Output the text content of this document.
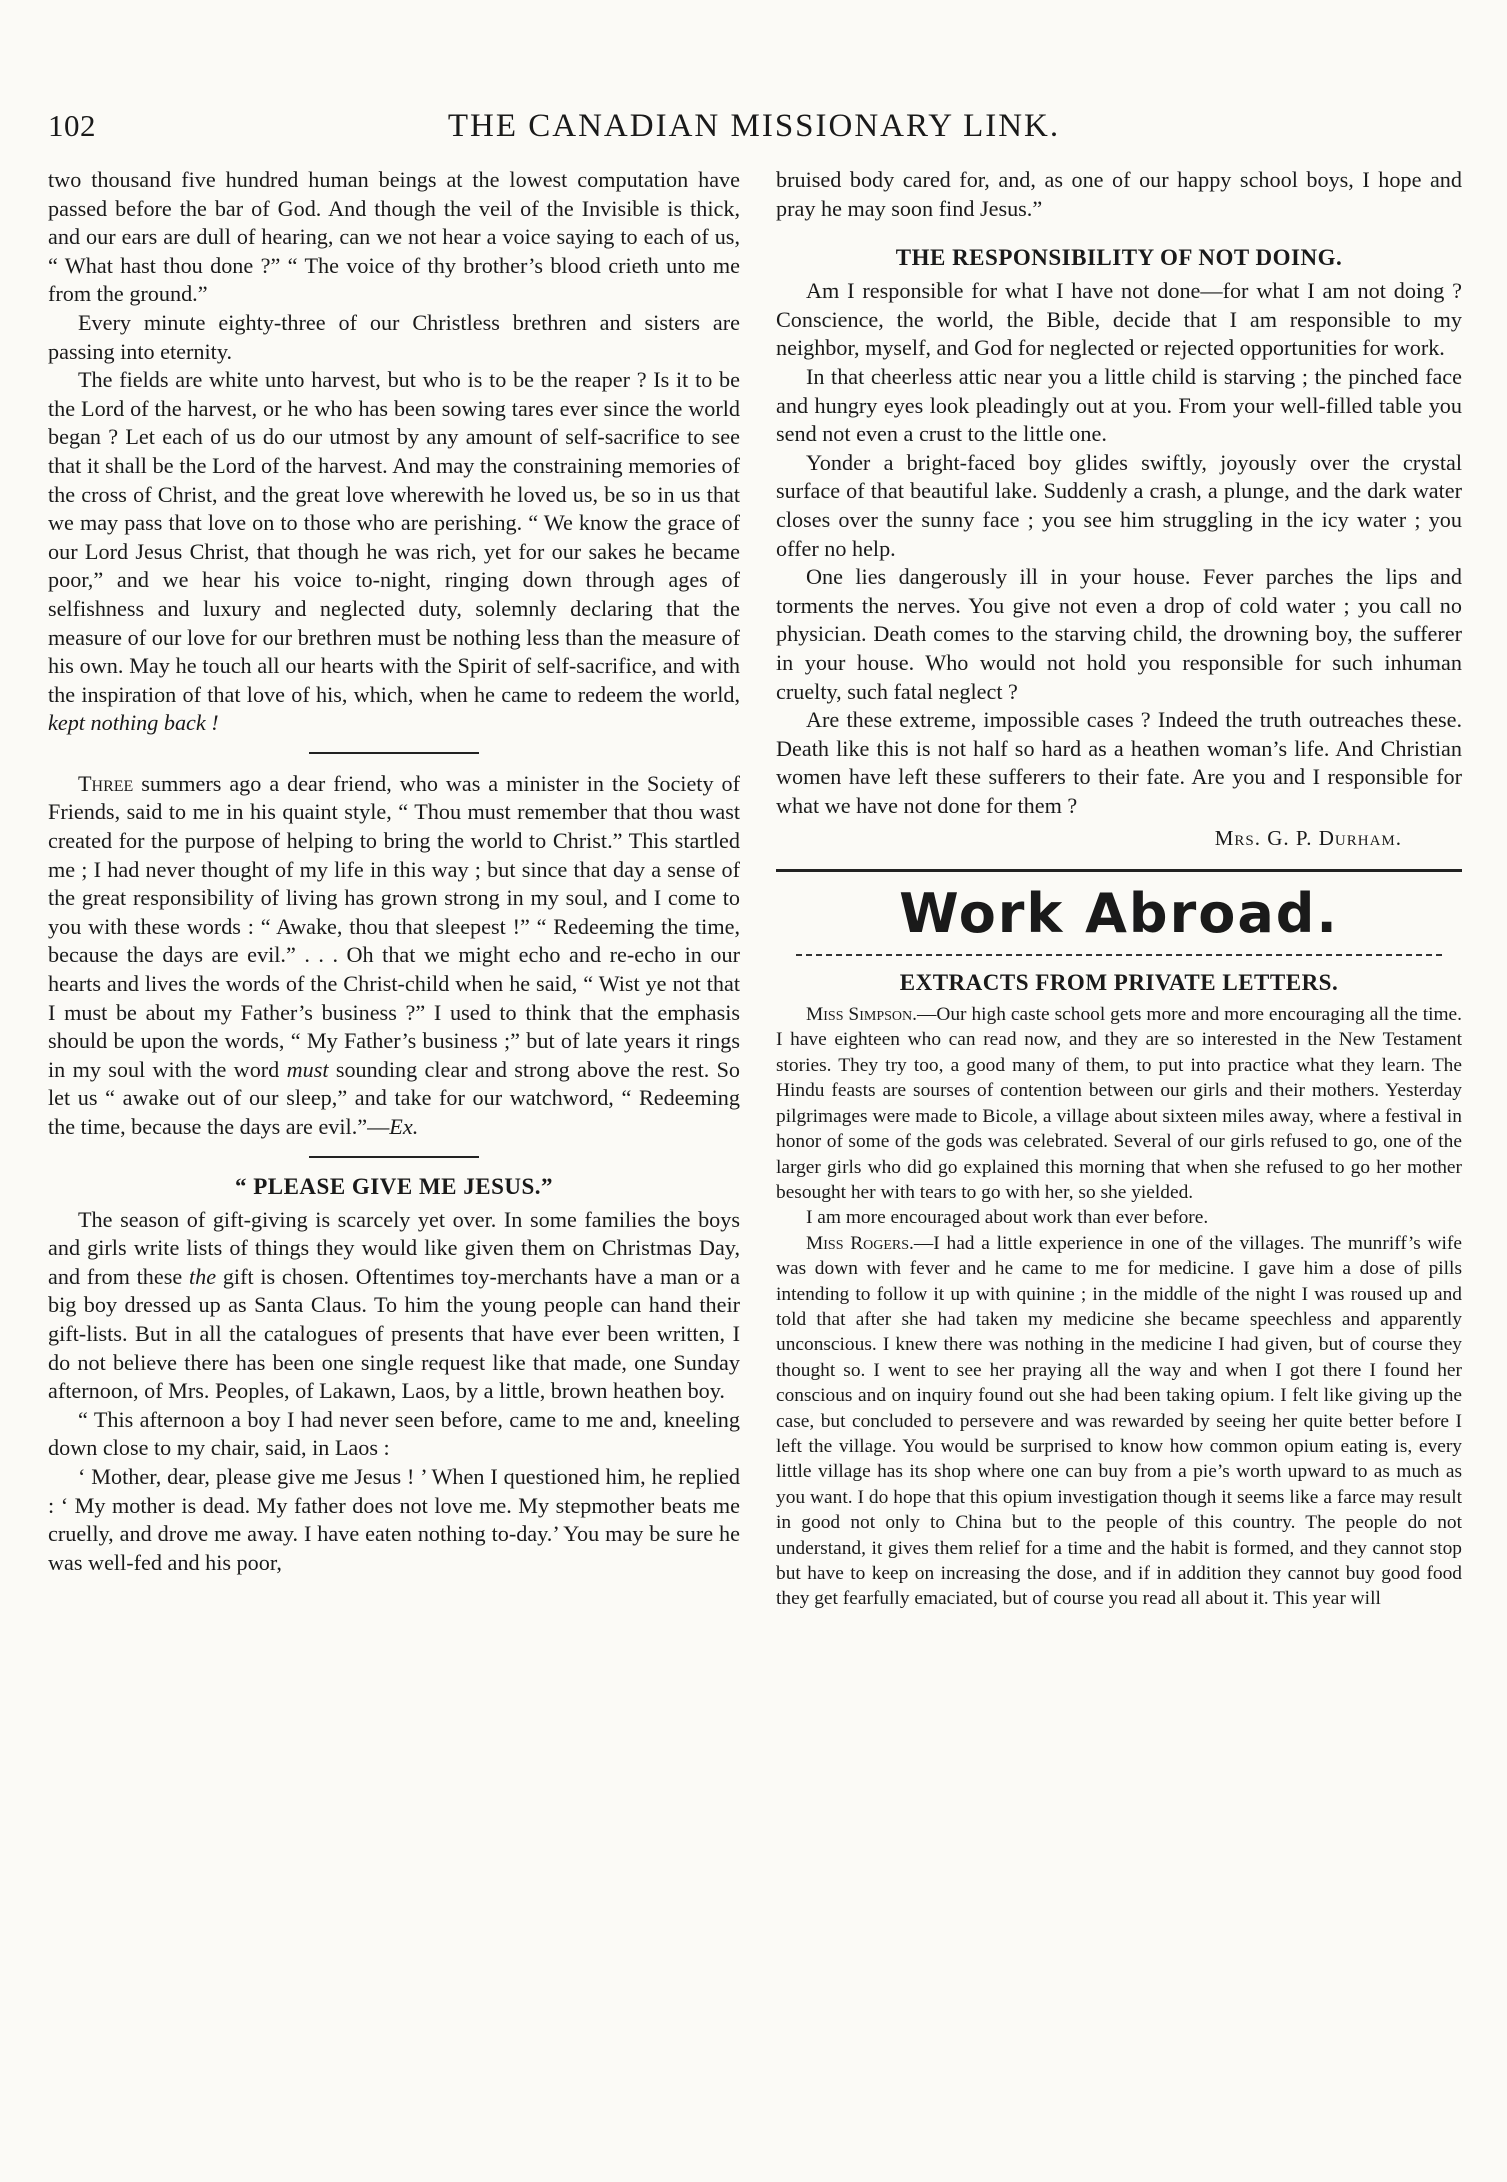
102	THE CANADIAN MISSIONARY LINK.

two thousand five hundred human beings at the lowest computation have passed before the bar of God. And though the veil of the Invisible is thick, and our ears are dull of hearing, can we not hear a voice saying to each of us, “ What hast thou done ?” “ The voice of thy brother’s blood crieth unto me from the ground.”

Every minute eighty-three of our Christless brethren and sisters are passing into eternity.

The fields are white unto harvest, but who is to be the reaper ? Is it to be the Lord of the harvest, or he who has been sowing tares ever since the world began ? Let each of us do our utmost by any amount of self-sacrifice to see that it shall be the Lord of the harvest. And may the constraining memories of the cross of Christ, and the great love wherewith he loved us, be so in us that we may pass that love on to those who are perishing. “ We know the grace of our Lord Jesus Christ, that though he was rich, yet for our sakes he became poor,” and we hear his voice to-night, ringing down through ages of selfishness and luxury and neglected duty, solemnly declaring that the measure of our love for our brethren must be nothing less than the measure of his own. May he touch all our hearts with the Spirit of self-sacrifice, and with the inspiration of that love of his, which, when he came to redeem the world, kept nothing back !

Three summers ago a dear friend, who was a minister in the Society of Friends, said to me in his quaint style, “ Thou must remember that thou wast created for the purpose of helping to bring the world to Christ.” This startled me ; I had never thought of my life in this way ; but since that day a sense of the great responsibility of living has grown strong in my soul, and I come to you with these words : “ Awake, thou that sleepest !” “ Redeeming the time, because the days are evil.” . . . Oh that we might echo and re-echo in our hearts and lives the words of the Christ-child when he said, “ Wist ye not that I must be about my Father’s business ?” I used to think that the emphasis should be upon the words, “ My Father’s business ;” but of late years it rings in my soul with the word must sounding clear and strong above the rest. So let us “ awake out of our sleep,” and take for our watchword, “ Redeeming the time, because the days are evil.”—Ex.

“ PLEASE GIVE ME JESUS.”

The season of gift-giving is scarcely yet over. In some families the boys and girls write lists of things they would like given them on Christmas Day, and from these the gift is chosen. Oftentimes toy-merchants have a man or a big boy dressed up as Santa Claus. To him the young people can hand their gift-lists. But in all the catalogues of presents that have ever been written, I do not believe there has been one single request like that made, one Sunday afternoon, of Mrs. Peoples, of Lakawn, Laos, by a little, brown heathen boy.

“ This afternoon a boy I had never seen before, came to me and, kneeling down close to my chair, said, in Laos :

‘ Mother, dear, please give me Jesus ! ’ When I questioned him, he replied : ‘ My mother is dead. My father does not love me. My stepmother beats me cruelly, and drove me away. I have eaten nothing to-day.’ You may be sure he was well-fed and his poor,

bruised body cared for, and, as one of our happy school boys, I hope and pray he may soon find Jesus.”

THE RESPONSIBILITY OF NOT DOING.

Am I responsible for what I have not done—for what I am not doing ? Conscience, the world, the Bible, decide that I am responsible to my neighbor, myself, and God for neglected or rejected opportunities for work.

In that cheerless attic near you a little child is starving ; the pinched face and hungry eyes look pleadingly out at you. From your well-filled table you send not even a crust to the little one.

Yonder a bright-faced boy glides swiftly, joyously over the crystal surface of that beautiful lake. Suddenly a crash, a plunge, and the dark water closes over the sunny face ; you see him struggling in the icy water ; you offer no help.

One lies dangerously ill in your house. Fever parches the lips and torments the nerves. You give not even a drop of cold water ; you call no physician. Death comes to the starving child, the drowning boy, the sufferer in your house. Who would not hold you responsible for such inhuman cruelty, such fatal neglect ?

Are these extreme, impossible cases ? Indeed the truth outreaches these. Death like this is not half so hard as a heathen woman’s life. And Christian women have left these sufferers to their fate. Are you and I responsible for what we have not done for them ?

Mrs. G. P. Durham.

Work Abroad.
EXTRACTS FROM PRIVATE LETTERS.

Miss Simpson.—Our high caste school gets more and more encouraging all the time. I have eighteen who can read now, and they are so interested in the New Testament stories. They try too, a good many of them, to put into practice what they learn. The Hindu feasts are sourses of contention between our girls and their mothers. Yesterday pilgrimages were made to Bicole, a village about sixteen miles away, where a festival in honor of some of the gods was celebrated. Several of our girls refused to go, one of the larger girls who did go explained this morning that when she refused to go her mother besought her with tears to go with her, so she yielded.

I am more encouraged about work than ever before.

Miss Rogers.—I had a little experience in one of the villages. The munriff’s wife was down with fever and he came to me for medicine. I gave him a dose of pills intending to follow it up with quinine ; in the middle of the night I was roused up and told that after she had taken my medicine she became speechless and apparently unconscious. I knew there was nothing in the medicine I had given, but of course they thought so. I went to see her praying all the way and when I got there I found her conscious and on inquiry found out she had been taking opium. I felt like giving up the case, but concluded to persevere and was rewarded by seeing her quite better before I left the village. You would be surprised to know how common opium eating is, every little village has its shop where one can buy from a pie’s worth upward to as much as you want. I do hope that this opium investigation though it seems like a farce may result in good not only to China but to the people of this country. The people do not understand, it gives them relief for a time and the habit is formed, and they cannot stop but have to keep on increasing the dose, and if in addition they cannot buy good food they get fearfully emaciated, but of course you read all about it. This year will
